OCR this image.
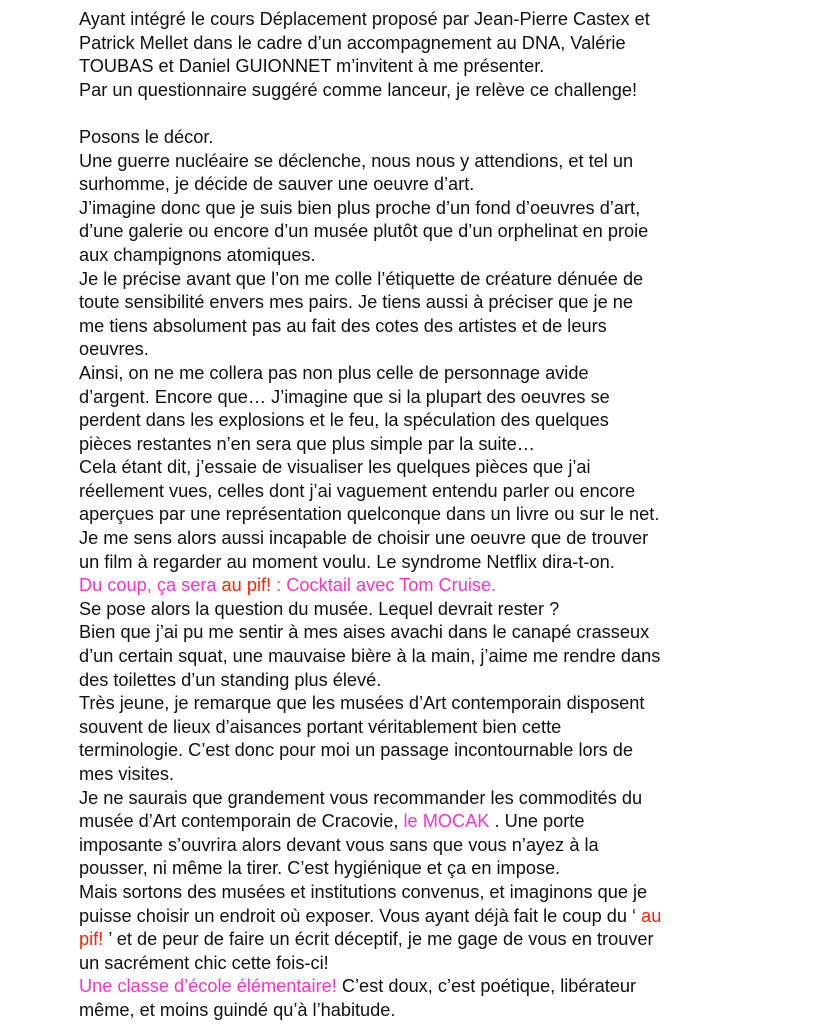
Ayant intégré le cours Déplacement proposé par Jean-Pierre Castex et
Patrick Mellet dans le cadre d’un accompagnement au DNA, Valérie
TOUBAS et Daniel GUIONNET m’invitent à me présenter.
Par un questionnaire suggéré comme lanceur, je relève ce challenge!
Posons le décor.
Une guerre nucléaire se déclenche, nous nous y attendions, et tel un
surhomme, je décide de sauver une oeuvre d’art.
J’imagine donc que je suis bien plus proche d’un fond d’oeuvres d’art,
d’une galerie ou encore d’un musée plutôt que d’un orphelinat en proie
aux champignons atomiques.
Je le précise avant que l’on me colle l’étiquette de créature dénuée de
toute sensibilité envers mes pairs. Je tiens aussi à préciser que je ne
me tiens absolument pas au fait des cotes des artistes et de leurs
oeuvres.
Ainsi, on ne me collera pas non plus celle de personnage avide
d’argent. Encore que… J’imagine que si la plupart des oeuvres se
perdent dans les explosions et le feu, la spéculation des quelques
pièces restantes n’en sera que plus simple par la suite…
Cela étant dit, j’essaie de visualiser les quelques pièces que j’ai
réellement vues, celles dont j’ai vaguement entendu parler ou encore
aperçues par une représentation quelconque dans un livre ou sur le net.
Je me sens alors aussi incapable de choisir une oeuvre que de trouver
un film à regarder au moment voulu. Le syndrome Netflix dira-t-on.
Du coup, ça sera au pif! : Cocktail avec Tom Cruise.
Se pose alors la question du musée. Lequel devrait rester ?
Bien que j’ai pu me sentir à mes aises avachi dans le canapé crasseux
d’un certain squat, une mauvaise bière à la main, j’aime me rendre dans
des toilettes d’un standing plus élevé.
Très jeune, je remarque que les musées d’Art contemporain disposent
souvent de lieux d’aisances portant véritablement bien cette
terminologie. C’est donc pour moi un passage incontournable lors de
mes visites.
Je ne saurais que grandement vous recommander les commodités du
musée d’Art contemporain de Cracovie, le MOCAK . Une porte
imposante s’ouvrira alors devant vous sans que vous n’ayez à la
pousser, ni même la tirer. C’est hygiénique et ça en impose.
Mais sortons des musées et institutions convenus, et imaginons que je
puisse choisir un endroit où exposer. Vous ayant déjà fait le coup du ‘ au
pif! ’ et de peur de faire un écrit déceptif, je me gage de vous en trouver
un sacrément chic cette fois-ci!
Une classe d’école élémentaire! C’est doux, c’est poétique, libérateur
même, et moins guindé qu’à l’habitude.
